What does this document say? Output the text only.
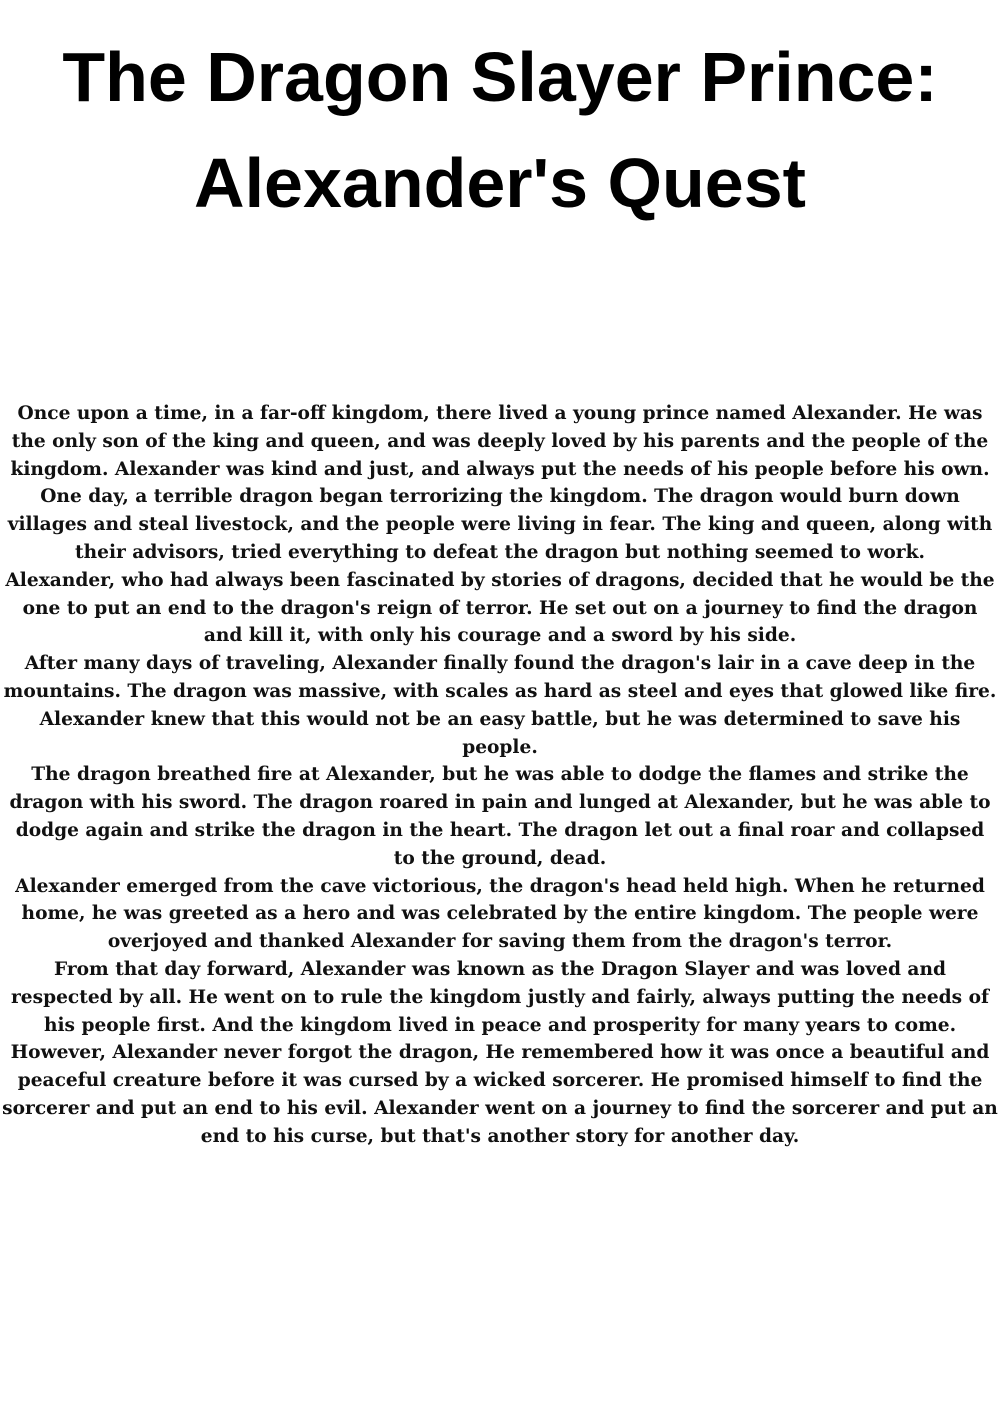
The Dragon Slayer Prince: Alexander's Quest

Once upon a time, in a far-off kingdom, there lived a young prince named Alexander. He was the only son of the king and queen, and was deeply loved by his parents and the people of the kingdom. Alexander was kind and just, and always put the needs of his people before his own.

One day, a terrible dragon began terrorizing the kingdom. The dragon would burn down villages and steal livestock, and the people were living in fear. The king and queen, along with their advisors, tried everything to defeat the dragon but nothing seemed to work.

Alexander, who had always been fascinated by stories of dragons, decided that he would be the one to put an end to the dragon's reign of terror. He set out on a journey to find the dragon and kill it, with only his courage and a sword by his side.

After many days of traveling, Alexander finally found the dragon's lair in a cave deep in the mountains. The dragon was massive, with scales as hard as steel and eyes that glowed like fire. Alexander knew that this would not be an easy battle, but he was determined to save his people.

The dragon breathed fire at Alexander, but he was able to dodge the flames and strike the dragon with his sword. The dragon roared in pain and lunged at Alexander, but he was able to dodge again and strike the dragon in the heart. The dragon let out a final roar and collapsed to the ground, dead.

Alexander emerged from the cave victorious, the dragon's head held high. When he returned home, he was greeted as a hero and was celebrated by the entire kingdom. The people were overjoyed and thanked Alexander for saving them from the dragon's terror.

From that day forward, Alexander was known as the Dragon Slayer and was loved and respected by all. He went on to rule the kingdom justly and fairly, always putting the needs of his people first. And the kingdom lived in peace and prosperity for many years to come.

However, Alexander never forgot the dragon, He remembered how it was once a beautiful and peaceful creature before it was cursed by a wicked sorcerer. He promised himself to find the sorcerer and put an end to his evil. Alexander went on a journey to find the sorcerer and put an end to his curse, but that's another story for another day.
